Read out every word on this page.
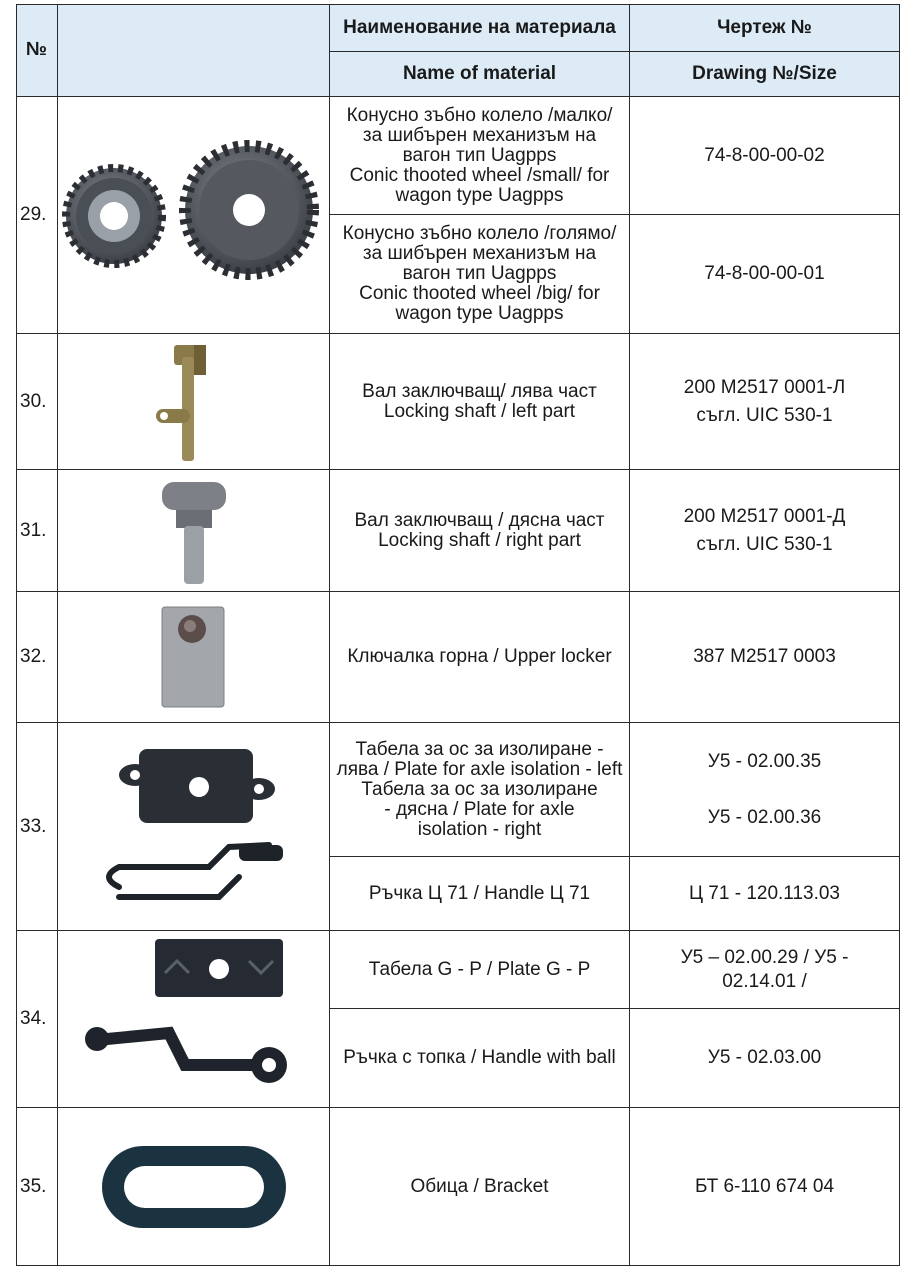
№
Наименование на материала	Чертеж №
Name of material	Drawing №/Size
29.
30.
31.
32.
33.
34.
35.
Конусно зъбно колело /малко/
за шибърен механизъм на
вагон тип Uagpps
Conic thooted wheel /small/ for
wagon type Uagpps
Конусно зъбно колело /голямо/
за шибърен механизъм на
вагон тип Uagpps
Conic thooted wheel /big/ for
wagon type Uagpps
Вал заключващ/ лява част
Locking shaft / left part
Вал заключващ / дясна част
Locking shaft / right part
Ключалка горна / Upper locker
Табела за ос за изолиране -
лява / Plate for axle isolation - left
Табела за ос за изолиране
- дясна / Plate for axle
isolation - right
Ръчка Ц 71 / Handle Ц 71
Табела G - P / Plate G - P
Ръчка с топка / Handle with ball
Обица / Bracket
74-8-00-00-02
74-8-00-00-01
200 M2517 0001-Л
съгл. UIC 530-1
200 M2517 0001-Д
съгл. UIC 530-1
387 M2517 0003
У5 - 02.00.35

У5 - 02.00.36
Ц 71 - 120.113.03
У5 – 02.00.29 / У5 -
02.14.01 /
У5 - 02.03.00
БТ 6-110 674 04
